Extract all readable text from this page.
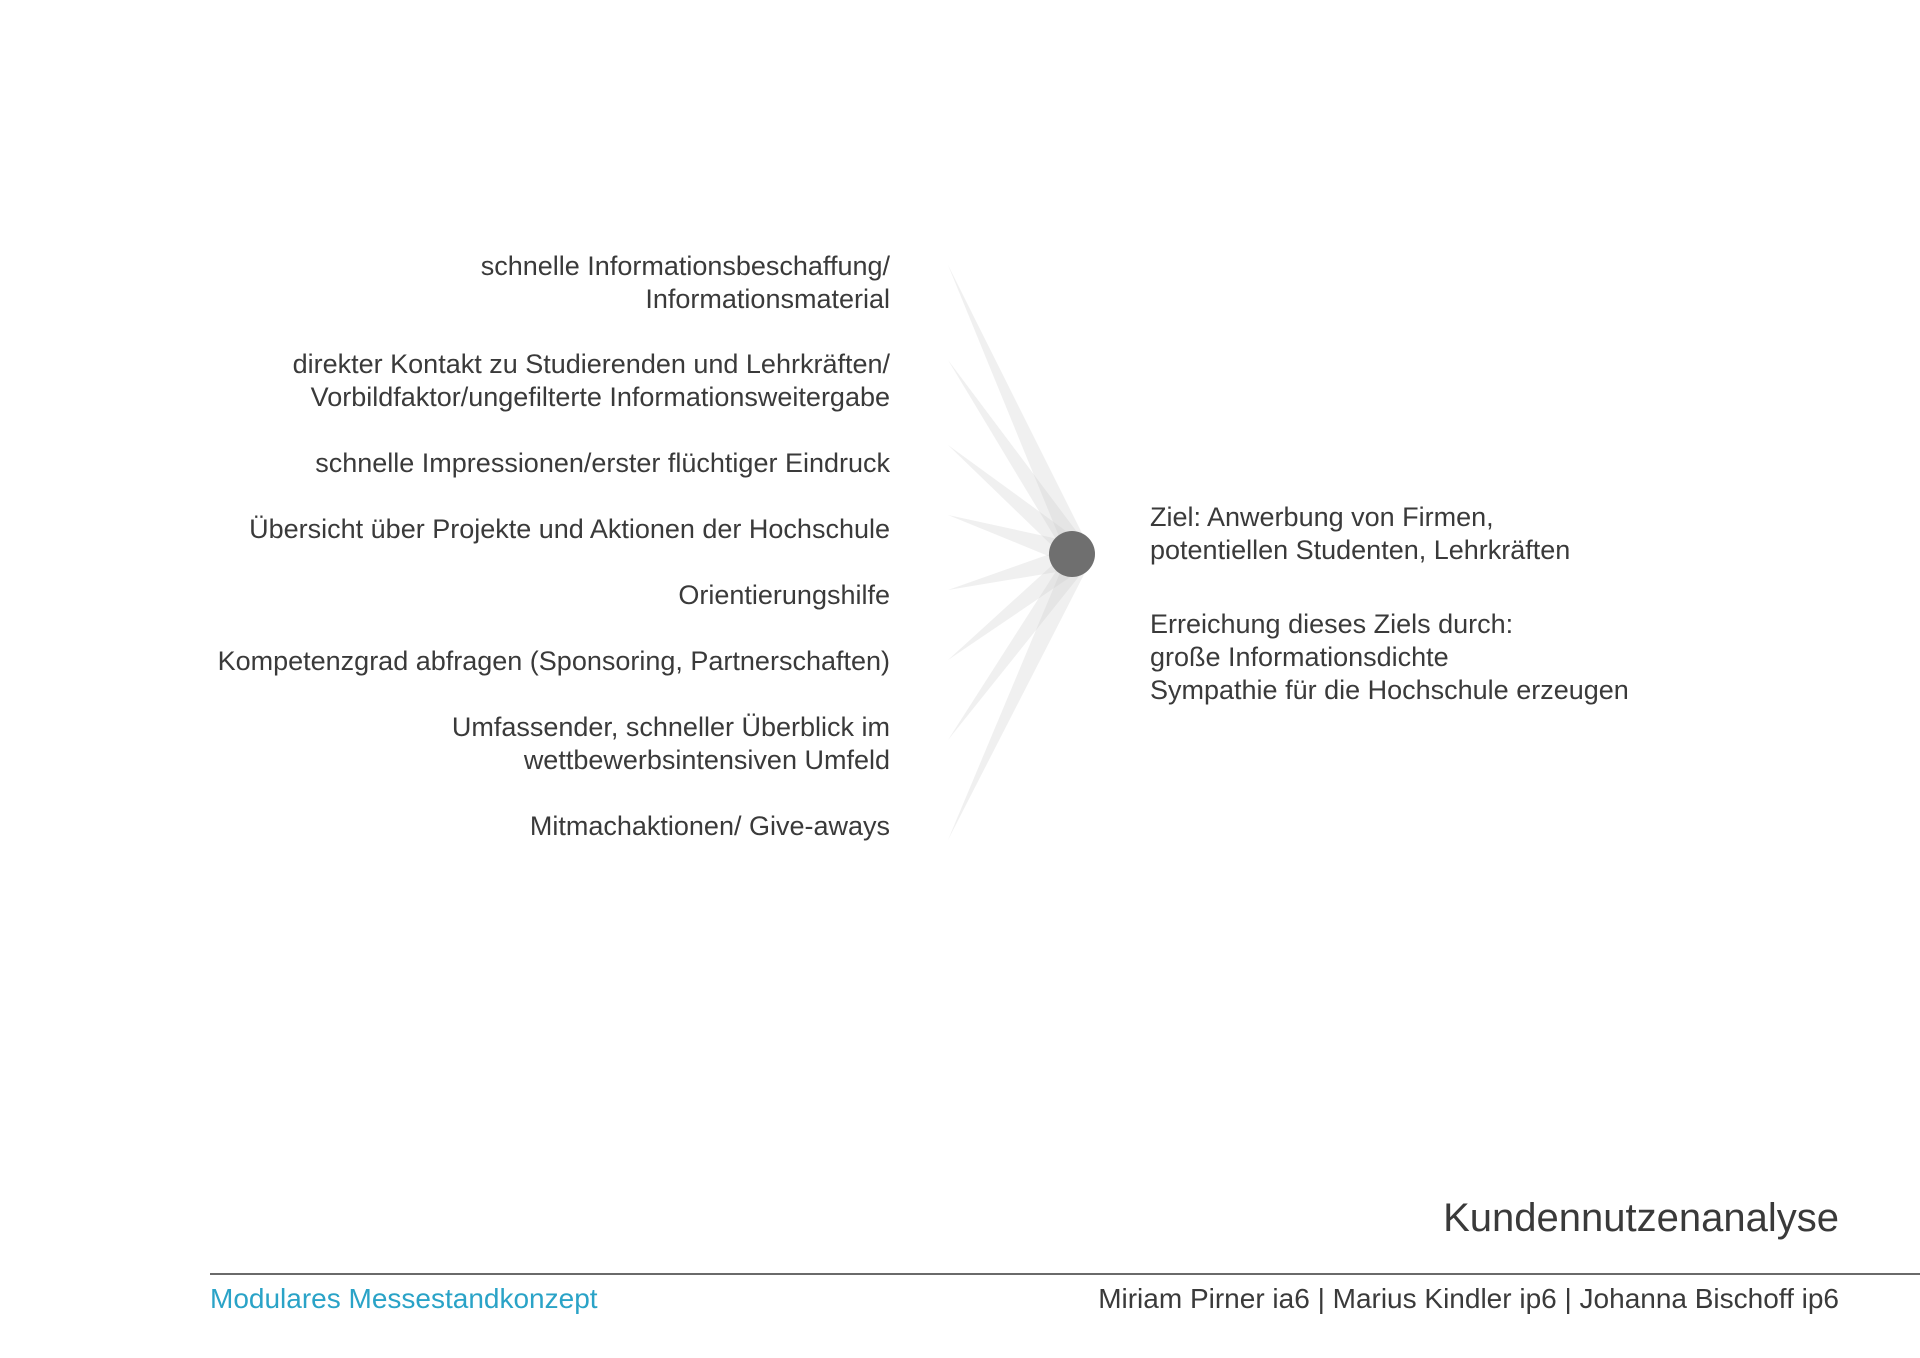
schnelle Informationsbeschaffung/
Informationsmaterial
direkter Kontakt zu Studierenden und Lehrkräften/
Vorbildfaktor/ungefilterte Informationsweitergabe
schnelle Impressionen/erster flüchtiger Eindruck
Übersicht über Projekte und Aktionen der Hochschule
Orientierungshilfe
Kompetenzgrad abfragen (Sponsoring, Partnerschaften)
Umfassender, schneller Überblick im
wettbewerbsintensiven Umfeld
Mitmachaktionen/ Give-aways

Ziel: Anwerbung von Firmen,
potentiellen Studenten, Lehrkräften

Erreichung dieses Ziels durch:
große Informationsdichte
Sympathie für die Hochschule erzeugen

Kundennutzenanalyse
Modulares Messestandkonzept	Miriam Pirner ia6 | Marius Kindler ip6 | Johanna Bischoff ip6
